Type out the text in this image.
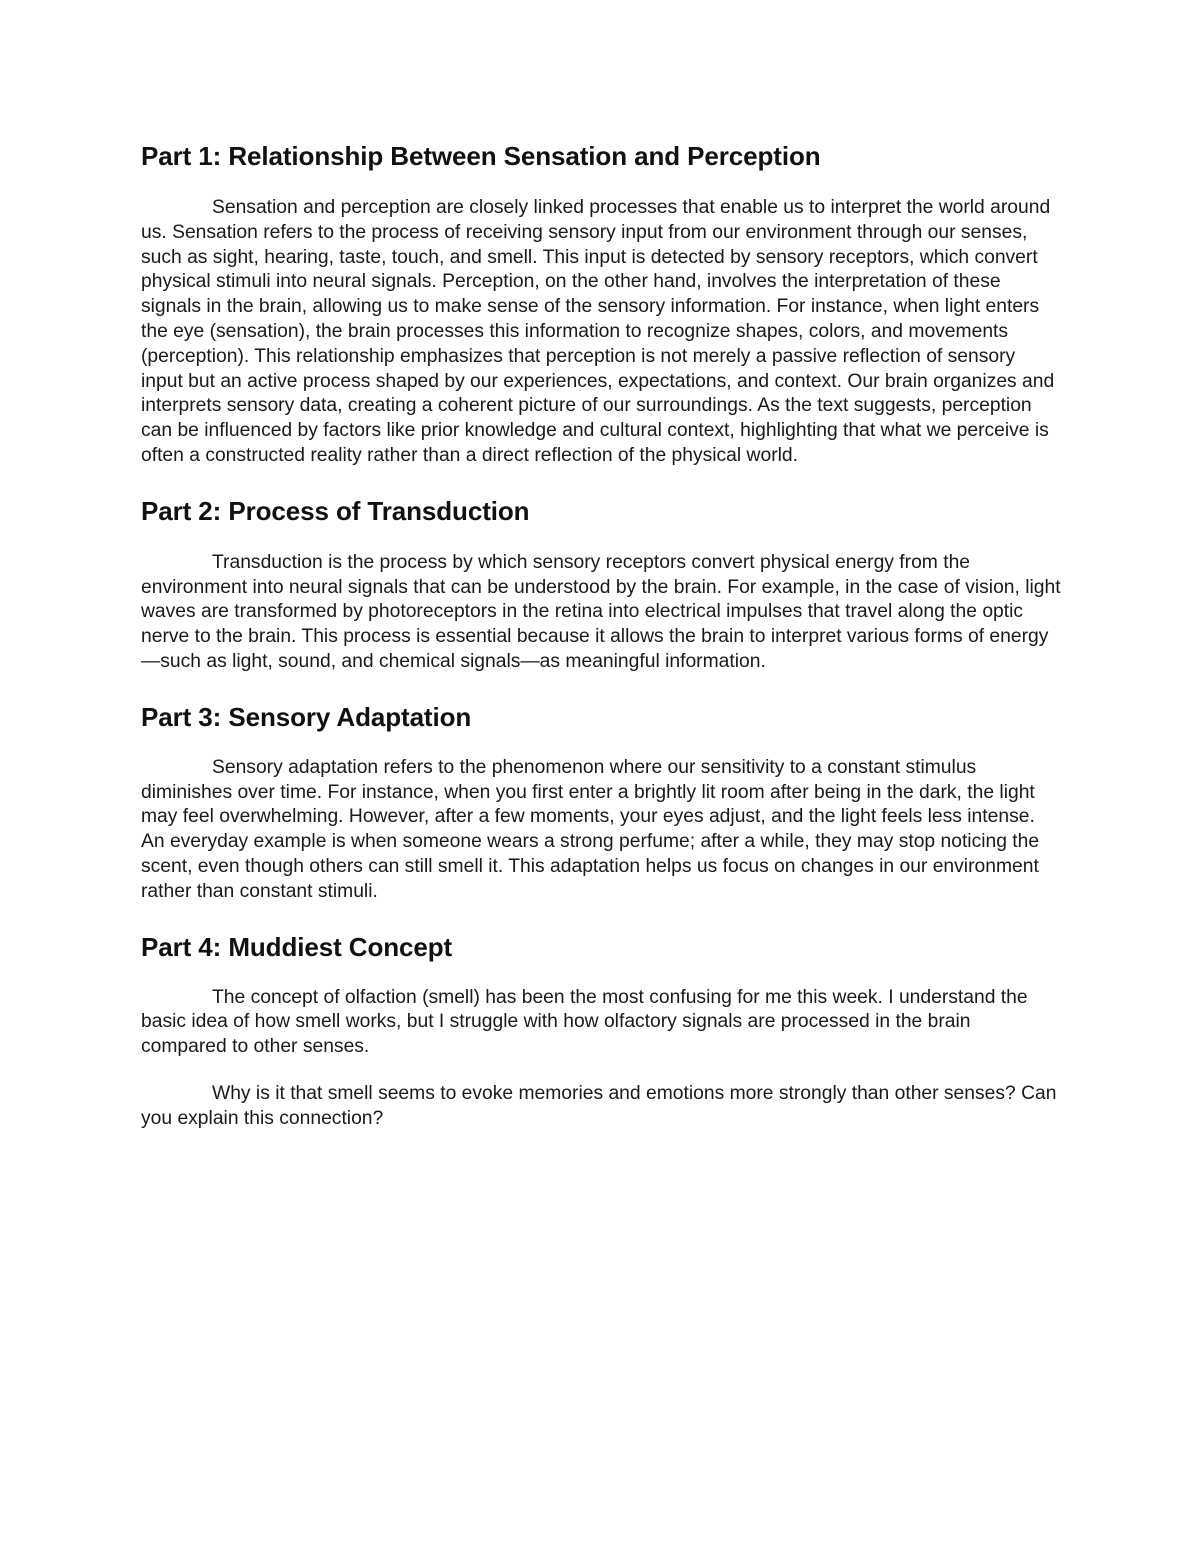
Part 1: Relationship Between Sensation and Perception

Sensation and perception are closely linked processes that enable us to interpret the world around us. Sensation refers to the process of receiving sensory input from our environment through our senses, such as sight, hearing, taste, touch, and smell. This input is detected by sensory receptors, which convert physical stimuli into neural signals. Perception, on the other hand, involves the interpretation of these signals in the brain, allowing us to make sense of the sensory information. For instance, when light enters the eye (sensation), the brain processes this information to recognize shapes, colors, and movements (perception). This relationship emphasizes that perception is not merely a passive reflection of sensory input but an active process shaped by our experiences, expectations, and context. Our brain organizes and interprets sensory data, creating a coherent picture of our surroundings. As the text suggests, perception can be influenced by factors like prior knowledge and cultural context, highlighting that what we perceive is often a constructed reality rather than a direct reflection of the physical world.

Part 2: Process of Transduction

Transduction is the process by which sensory receptors convert physical energy from the environment into neural signals that can be understood by the brain. For example, in the case of vision, light waves are transformed by photoreceptors in the retina into electrical impulses that travel along the optic nerve to the brain. This process is essential because it allows the brain to interpret various forms of energy—such as light, sound, and chemical signals—as meaningful information.

Part 3: Sensory Adaptation

Sensory adaptation refers to the phenomenon where our sensitivity to a constant stimulus diminishes over time. For instance, when you first enter a brightly lit room after being in the dark, the light may feel overwhelming. However, after a few moments, your eyes adjust, and the light feels less intense. An everyday example is when someone wears a strong perfume; after a while, they may stop noticing the scent, even though others can still smell it. This adaptation helps us focus on changes in our environment rather than constant stimuli.

Part 4: Muddiest Concept

The concept of olfaction (smell) has been the most confusing for me this week. I understand the basic idea of how smell works, but I struggle with how olfactory signals are processed in the brain compared to other senses.

Why is it that smell seems to evoke memories and emotions more strongly than other senses? Can you explain this connection?
